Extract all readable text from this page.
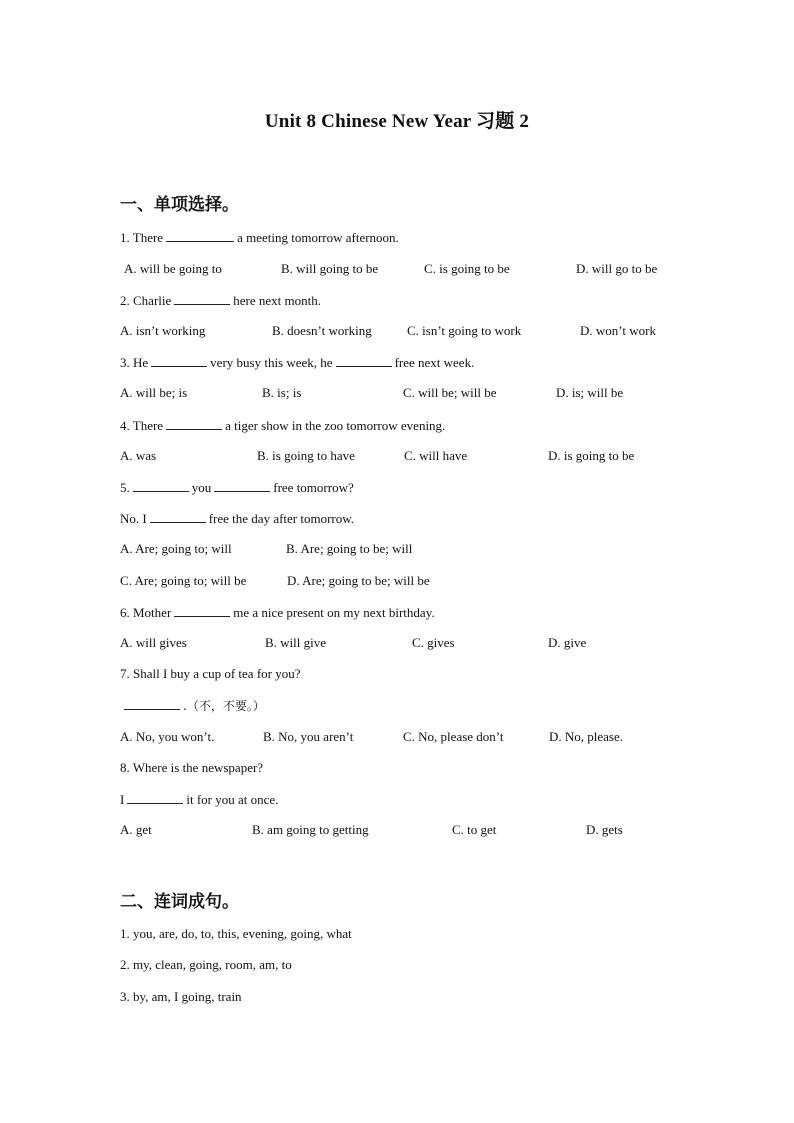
Unit 8 Chinese New Year 习题 2
一、单项选择。
1. There	a meeting tomorrow afternoon.
A. will be going to	B. will going to be	C. is going to be	D. will go to be
2. Charlie	here next month.
A. isn’t working	B. doesn’t working	C. isn’t going to work	D. won’t work
3. He	very busy this week, he	free next week.
A. will be; is	B. is; is	C. will be; will be	D. is; will be
4. There	a tiger show in the zoo tomorrow evening.
A. was	B. is going to have	C. will have	D. is going to be
5.	you	free tomorrow?
No. I	free the day after tomorrow.
A. Are; going to; will	B. Are; going to be; will
C. Are; going to; will be	D. Are; going to be; will be
6. Mother	me a nice present on my next birthday.
A. will gives	B. will give	C. gives	D. give
7. Shall I buy a cup of tea for you?
.（不，不要。）
A. No, you won’t.	B. No, you aren’t	C. No, please don’t	D. No, please.
8. Where is the newspaper?
I	it for you at once.
A. get	B. am going to getting	C. to get	D. gets
二、连词成句。
1. you, are, do, to, this, evening, going, what
2. my, clean, going, room, am, to
3. by, am, I going, train
